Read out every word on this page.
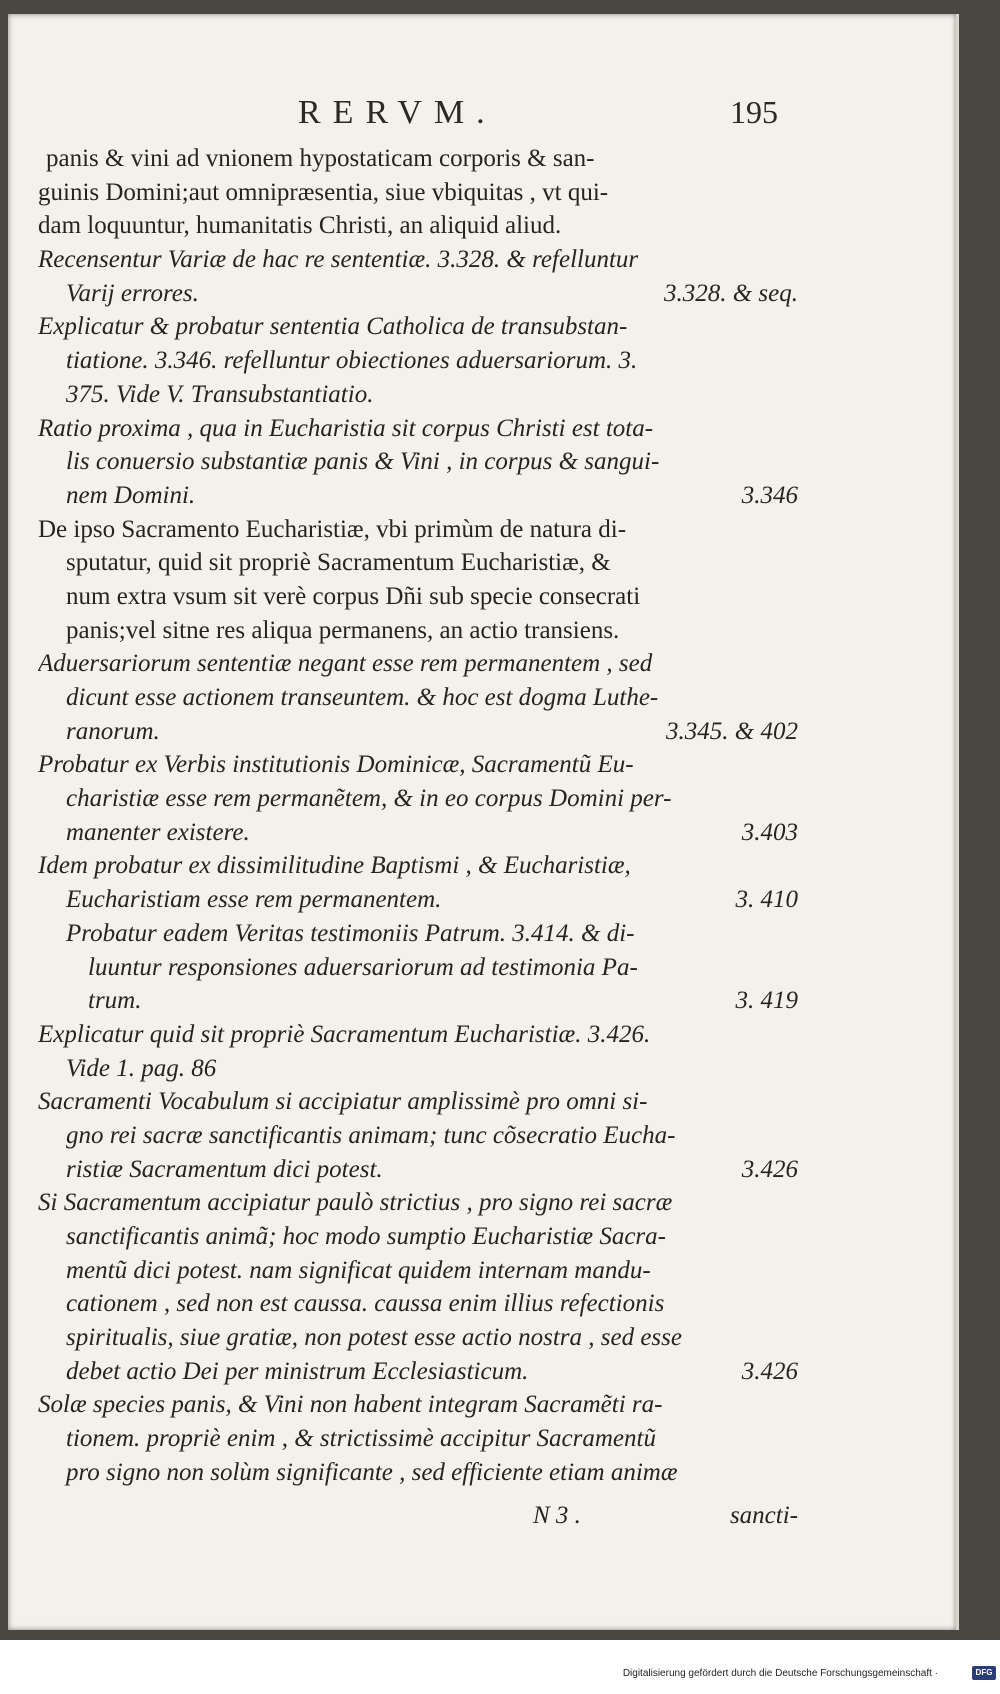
RERVM.	195
panis & vini ad vnionem hypostaticam corporis & san-
guinis Domini;aut omnipræsentia, siue vbiquitas , vt qui-
dam loquuntur, humanitatis Christi, an aliquid aliud.
Recensentur Variæ de hac re sententiæ. 3.328. & refelluntur
Varij errores.	3.328. & seq.
Explicatur & probatur sententia Catholica de transubstan-
tiatione. 3.346. refelluntur obiectiones aduersariorum. 3.
375. Vide V. Transubstantiatio.
Ratio proxima , qua in Eucharistia sit corpus Christi est tota-
lis conuersio substantiæ panis & Vini , in corpus & sangui-
nem Domini.	3.346
De ipso Sacramento Eucharistiæ, vbi primùm de natura di-
sputatur, quid sit propriè Sacramentum Eucharistiæ, &
num extra vsum sit verè corpus Dñi sub specie consecrati
panis;vel sitne res aliqua permanens, an actio transiens.
Aduersariorum sententiæ negant esse rem permanentem , sed
dicunt esse actionem transeuntem. & hoc est dogma Luthe-
ranorum.	3.345. & 402
Probatur ex Verbis institutionis Dominicæ, Sacramentũ Eu-
charistiæ esse rem permanẽtem, & in eo corpus Domini per-
manenter existere.	3.403
Idem probatur ex dissimilitudine Baptismi , & Eucharistiæ,
Eucharistiam esse rem permanentem.	3. 410
Probatur eadem Veritas testimoniis Patrum. 3.414. & di-
luuntur responsiones aduersariorum ad testimonia Pa-
trum.	3. 419
Explicatur quid sit propriè Sacramentum Eucharistiæ. 3.426.
Vide 1. pag. 86
Sacramenti Vocabulum si accipiatur amplissimè pro omni si-
gno rei sacræ sanctificantis animam; tunc cõsecratio Eucha-
ristiæ Sacramentum dici potest.	3.426
Si Sacramentum accipiatur paulò strictius , pro signo rei sacræ
sanctificantis animã; hoc modo sumptio Eucharistiæ Sacra-
mentũ dici potest. nam significat quidem internam mandu-
cationem , sed non est caussa. caussa enim illius refectionis
spiritualis, siue gratiæ, non potest esse actio nostra , sed esse
debet actio Dei per ministrum Ecclesiasticum.	3.426
Solæ species panis, & Vini non habent integram Sacramẽti ra-
tionem. propriè enim , & strictissimè accipitur Sacramentũ
pro signo non solùm significante , sed efficiente etiam animæ
N 3 .	sancti-
Digitalisierung gefördert durch die Deutsche Forschungsgemeinschaft ·	DFG
